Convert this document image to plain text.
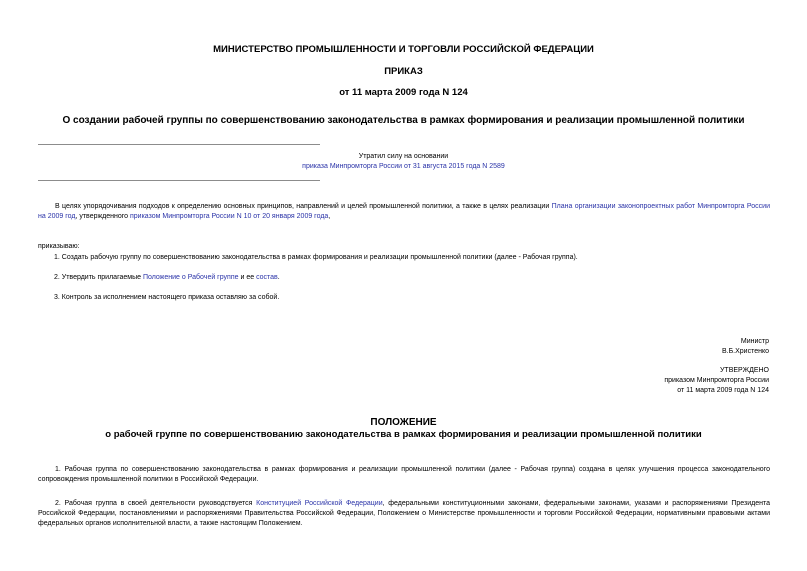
МИНИСТЕРСТВО ПРОМЫШЛЕННОСТИ И ТОРГОВЛИ РОССИЙСКОЙ ФЕДЕРАЦИИ
ПРИКАЗ
от 11 марта 2009 года N 124
О создании рабочей группы по совершенствованию законодательства в рамках формирования и реализации промышленной политики
Утратил силу на основании
приказа Минпромторга России от 31 августа 2015 года N 2589
В целях упорядочивания подходов к определению основных принципов, направлений и целей промышленной политики, а также в целях реализации Плана организации законопроектных работ Минпромторга России на 2009 год, утвержденного приказом Минпромторга России N 10 от 20 января 2009 года,
приказываю:
1. Создать рабочую группу по совершенствованию законодательства в рамках формирования и реализации промышленной политики (далее - Рабочая группа).
2. Утвердить прилагаемые Положение о Рабочей группе и ее состав.
3. Контроль за исполнением настоящего приказа оставляю за собой.
Министр
В.Б.Христенко
УТВЕРЖДЕНО
приказом Минпромторга России
от 11 марта 2009 года N 124
ПОЛОЖЕНИЕ
о рабочей группе по совершенствованию законодательства в рамках формирования и реализации промышленной политики
1. Рабочая группа по совершенствованию законодательства в рамках формирования и реализации промышленной политики (далее - Рабочая группа) создана в целях улучшения процесса законодательного сопровождения промышленной политики в Российской Федерации.
2. Рабочая группа в своей деятельности руководствуется Конституцией Российской Федерации, федеральными конституционными законами, федеральными законами, указами и распоряжениями Президента Российской Федерации, постановлениями и распоряжениями Правительства Российской Федерации, Положением о Министерстве промышленности и торговли Российской Федерации, нормативными правовыми актами федеральных органов исполнительной власти, а также настоящим Положением.
